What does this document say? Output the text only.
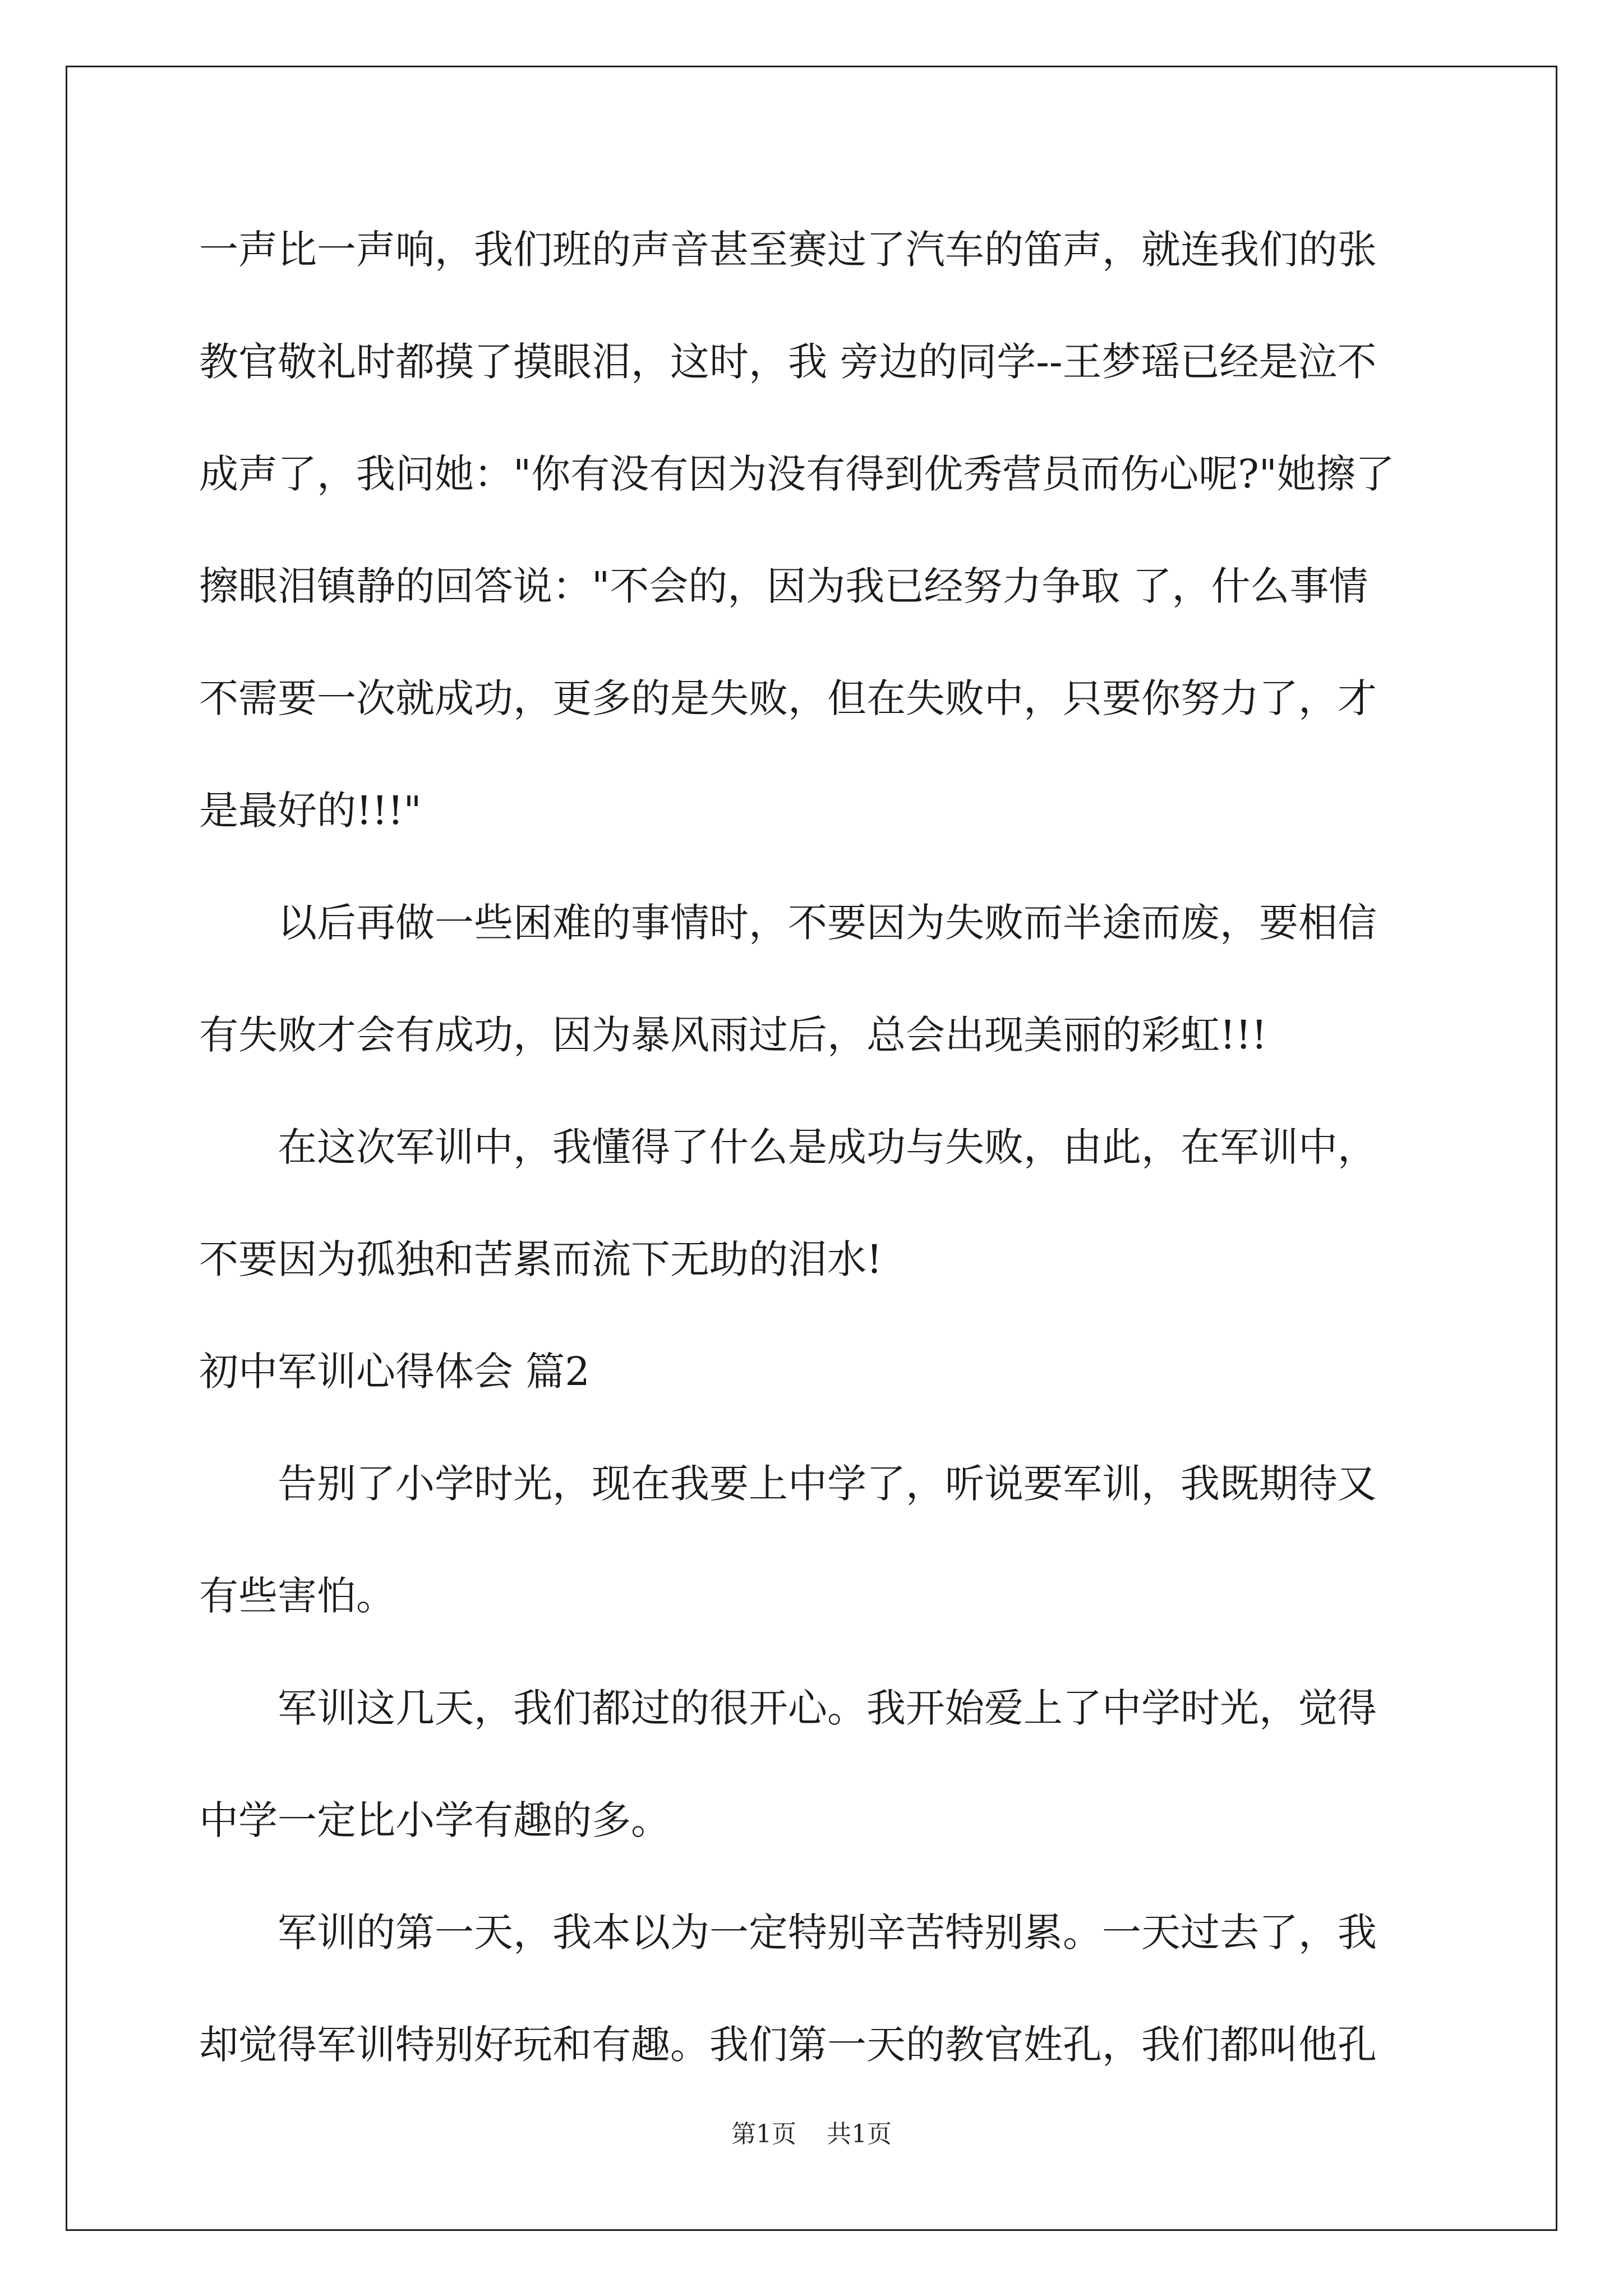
一声比一声响，我们班的声音甚至赛过了汽车的笛声，就连我们的张
教官敬礼时都摸了摸眼泪，这时，我 旁边的同学--王梦瑶已经是泣不
成声了，我问她："你有没有因为没有得到优秀营员而伤心呢?"她擦了
擦眼泪镇静的回答说："不会的，因为我已经努力争取 了，什么事情
不需要一次就成功，更多的是失败，但在失败中，只要你努力了，才
是最好的!!!"
以后再做一些困难的事情时，不要因为失败而半途而废，要相信
有失败才会有成功，因为暴风雨过后，总会出现美丽的彩虹!!!
在这次军训中，我懂得了什么是成功与失败，由此，在军训中，
不要因为孤独和苦累而流下无助的泪水!
初中军训心得体会 篇2
告别了小学时光，现在我要上中学了，听说要军训，我既期待又
有些害怕。
军训这几天，我们都过的很开心。我开始爱上了中学时光，觉得
中学一定比小学有趣的多。
军训的第一天，我本以为一定特别辛苦特别累。一天过去了，我
却觉得军训特别好玩和有趣。我们第一天的教官姓孔，我们都叫他孔
第1页 共1页
